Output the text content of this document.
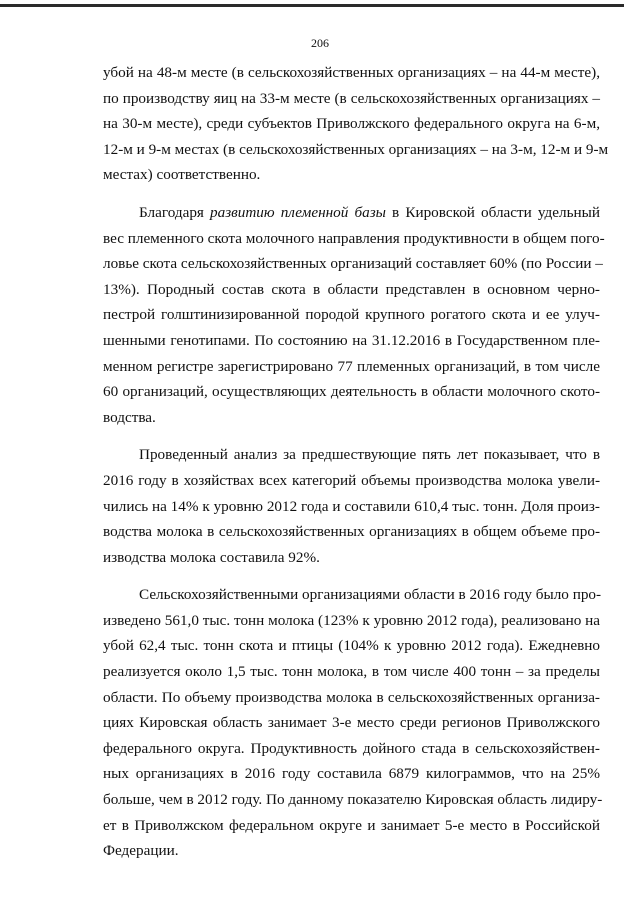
206
убой на 48-м месте (в сельскохозяйственных организациях – на 44-м месте),
по производству яиц на 33-м месте (в сельскохозяйственных организациях –
на 30-м месте), среди субъектов Приволжского федерального округа на 6-м,
12-м и 9-м местах (в сельскохозяйственных организациях – на 3-м, 12-м и 9-м
местах) соответственно.
Благодаря развитию племенной базы в Кировской области удельный
вес племенного скота молочного направления продуктивности в общем пого-
ловье скота сельскохозяйственных организаций составляет 60% (по России –
13%). Породный состав скота в области представлен в основном черно-
пестрой голштинизированной породой крупного рогатого скота и ее улуч-
шенными генотипами. По состоянию на 31.12.2016 в Государственном пле-
менном регистре зарегистрировано 77 племенных организаций, в том числе
60 организаций, осуществляющих деятельность в области молочного ското-
водства.
Проведенный анализ за предшествующие пять лет показывает, что в
2016 году в хозяйствах всех категорий объемы производства молока увели-
чились на 14% к уровню 2012 года и составили 610,4 тыс. тонн. Доля произ-
водства молока в сельскохозяйственных организациях в общем объеме про-
изводства молока составила 92%.
Сельскохозяйственными организациями области в 2016 году было про-
изведено 561,0 тыс. тонн молока (123% к уровню 2012 года), реализовано на
убой 62,4 тыс. тонн скота и птицы (104% к уровню 2012 года). Ежедневно
реализуется около 1,5 тыс. тонн молока, в том числе 400 тонн – за пределы
области. По объему производства молока в сельскохозяйственных организа-
циях Кировская область занимает 3-е место среди регионов Приволжского
федерального округа. Продуктивность дойного стада в сельскохозяйствен-
ных организациях в 2016 году составила 6879 килограммов, что на 25%
больше, чем в 2012 году. По данному показателю Кировская область лидиру-
ет в Приволжском федеральном округе и занимает 5-е место в Российской
Федерации.
